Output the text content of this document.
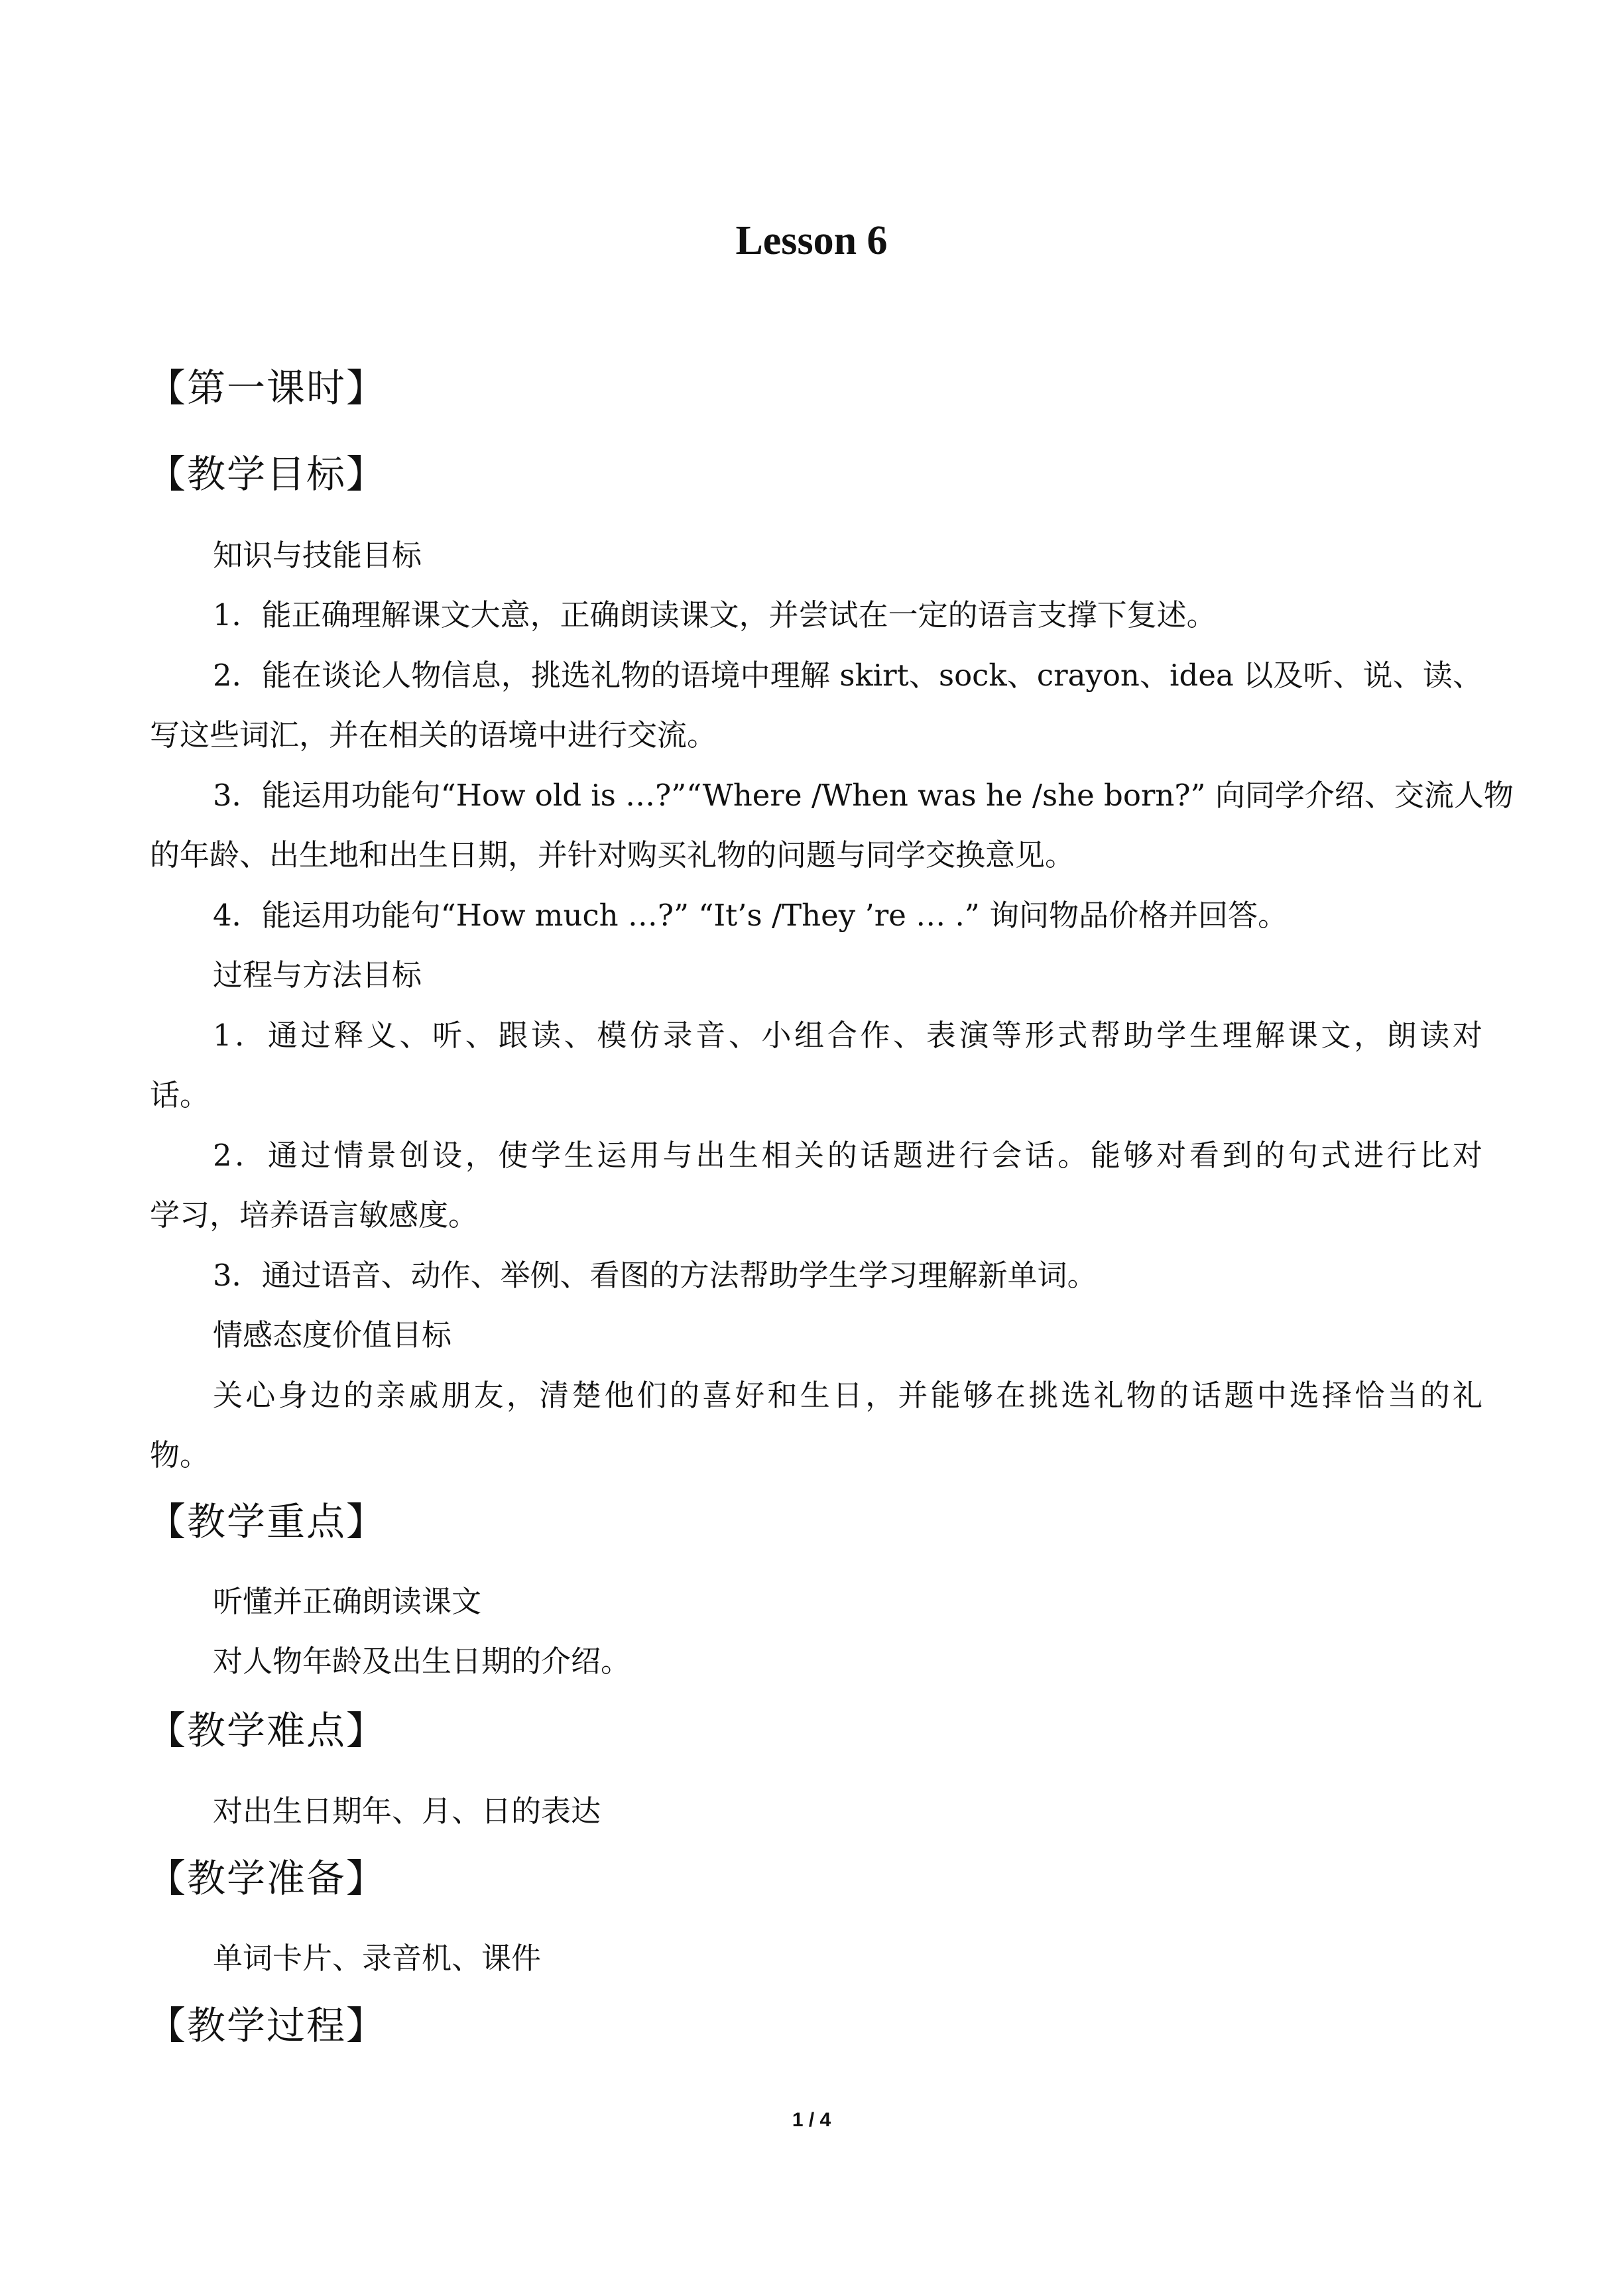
Lesson 6
【第一课时】
【教学目标】
知识与技能目标
1．能正确理解课文大意，正确朗读课文，并尝试在一定的语言支撑下复述。
2．能在谈论人物信息，挑选礼物的语境中理解 skirt、sock、crayon、idea 以及听、说、读、
写这些词汇，并在相关的语境中进行交流。
3．能运用功能句“How old is …?”“Where /When was he /she born?” 向同学介绍、交流人物
的年龄、出生地和出生日期，并针对购买礼物的问题与同学交换意见。
4．能运用功能句“How much …?” “It’s /They ’re … .” 询问物品价格并回答。
过程与方法目标
1．通过释义、听、跟读、模仿录音、小组合作、表演等形式帮助学生理解课文，朗读对
话。
2．通过情景创设，使学生运用与出生相关的话题进行会话。能够对看到的句式进行比对
学习，培养语言敏感度。
3．通过语音、动作、举例、看图的方法帮助学生学习理解新单词。
情感态度价值目标
关心身边的亲戚朋友，清楚他们的喜好和生日，并能够在挑选礼物的话题中选择恰当的礼
物。
【教学重点】
听懂并正确朗读课文
对人物年龄及出生日期的介绍。
【教学难点】
对出生日期年、月、日的表达
【教学准备】
单词卡片、录音机、课件
【教学过程】
1 / 4
